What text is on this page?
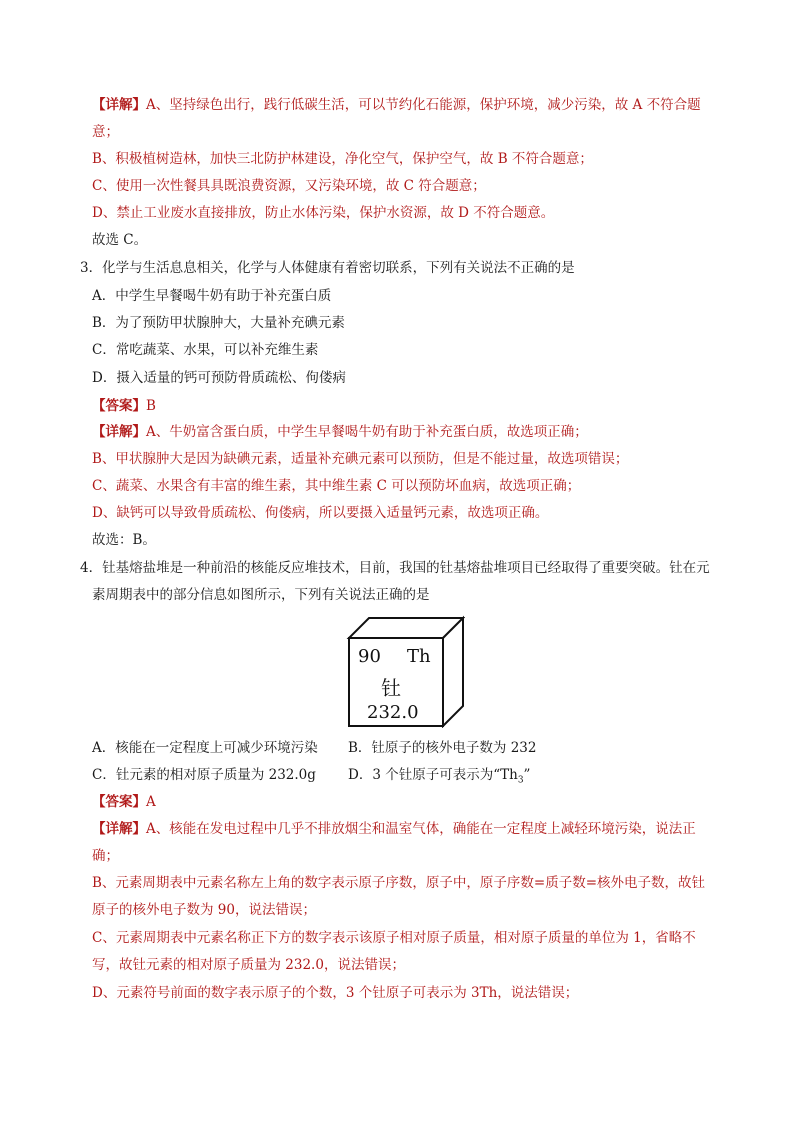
【详解】A、坚持绿色出行，践行低碳生活，可以节约化石能源，保护环境，减少污染，故 A 不符合题
意；
B、积极植树造林，加快三北防护林建设，净化空气，保护空气，故 B 不符合题意；
C、使用一次性餐具具既浪费资源，又污染环境，故 C 符合题意；
D、禁止工业废水直接排放，防止水体污染，保护水资源，故 D 不符合题意。
故选 C。
3．化学与生活息息相关，化学与人体健康有着密切联系，下列有关说法不正确的是
A．中学生早餐喝牛奶有助于补充蛋白质
B．为了预防甲状腺肿大，大量补充碘元素
C．常吃蔬菜、水果，可以补充维生素
D．摄入适量的钙可预防骨质疏松、佝偻病
【答案】B
【详解】A、牛奶富含蛋白质，中学生早餐喝牛奶有助于补充蛋白质，故选项正确；
B、甲状腺肿大是因为缺碘元素，适量补充碘元素可以预防，但是不能过量，故选项错误；
C、蔬菜、水果含有丰富的维生素，其中维生素 C 可以预防坏血病，故选项正确；
D、缺钙可以导致骨质疏松、佝偻病，所以要摄入适量钙元素，故选项正确。
故选：B。
4．钍基熔盐堆是一种前沿的核能反应堆技术，目前，我国的钍基熔盐堆项目已经取得了重要突破。钍在元
素周期表中的部分信息如图所示，下列有关说法正确的是
90 Th
钍
232.0
A．核能在一定程度上可减少环境污染 B．钍原子的核外电子数为 232
C．钍元素的相对原子质量为 232.0g D．3 个钍原子可表示为“$Th_3$”
【答案】A
【详解】A、核能在发电过程中几乎不排放烟尘和温室气体，确能在一定程度上减轻环境污染，说法正
确；
B、元素周期表中元素名称左上角的数字表示原子序数，原子中，原子序数=质子数=核外电子数，故钍
原子的核外电子数为 90，说法错误；
C、元素周期表中元素名称正下方的数字表示该原子相对原子质量，相对原子质量的单位为 1，省略不
写，故钍元素的相对原子质量为 232.0，说法错误；
D、元素符号前面的数字表示原子的个数，3 个钍原子可表示为 3Th，说法错误；
